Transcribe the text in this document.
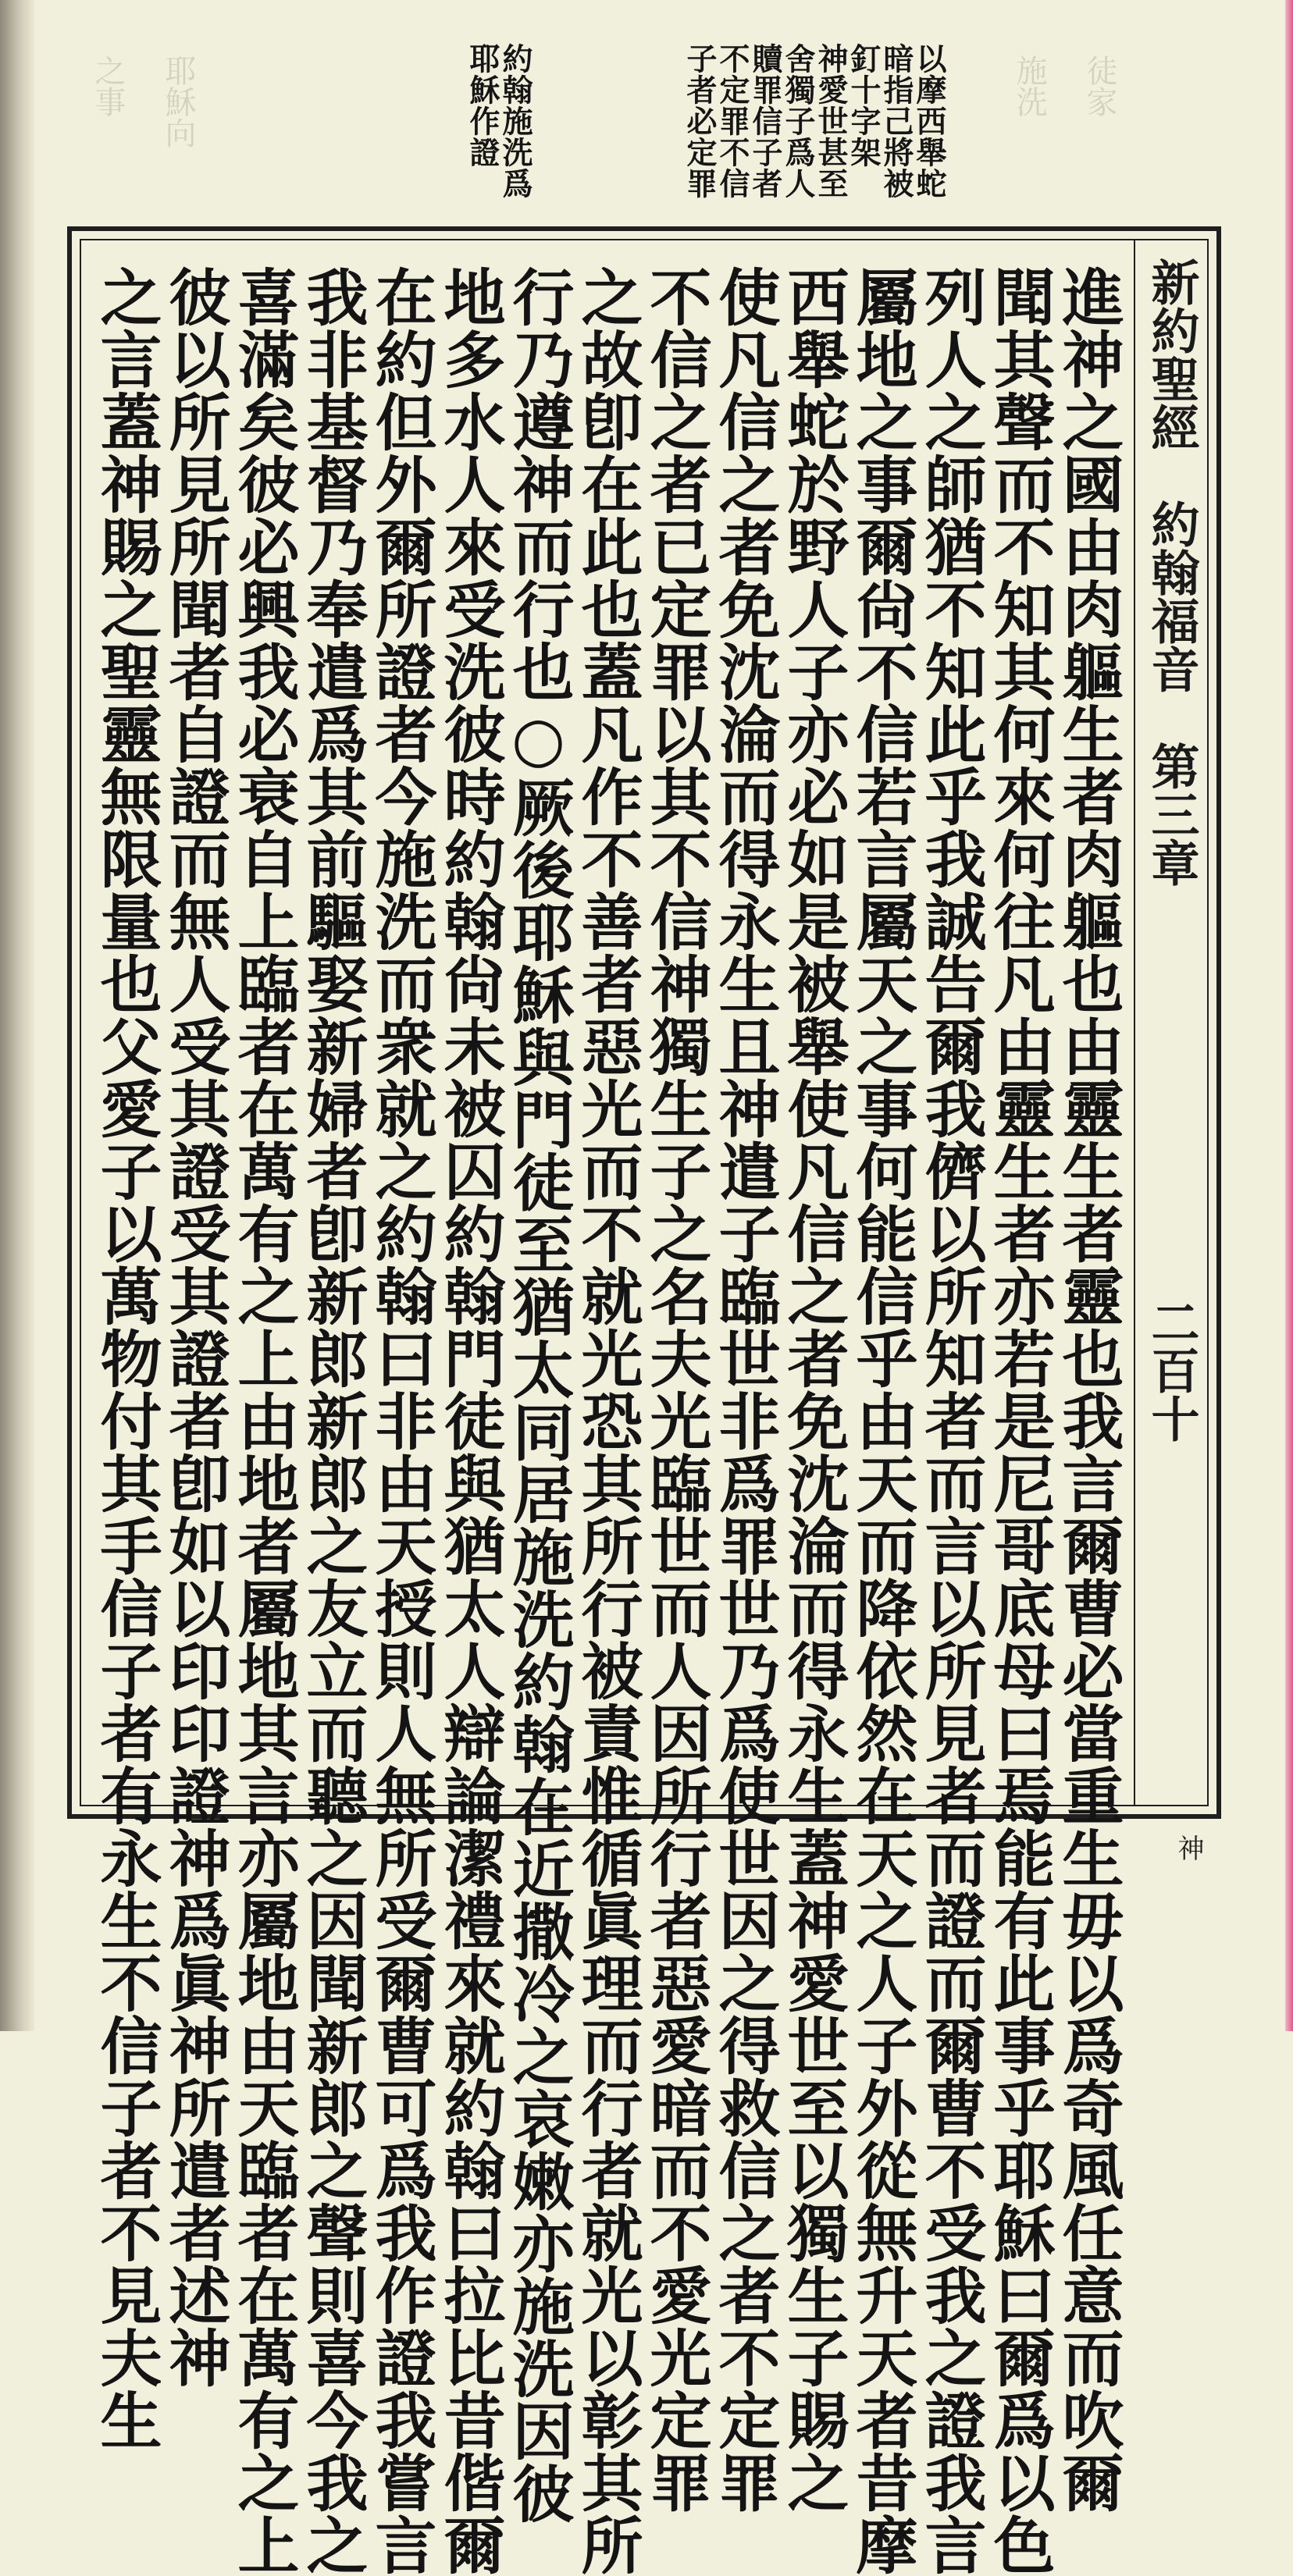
徒家
施洗
耶穌向
之事	以摩西舉蛇
暗指己將被
釘十字架
神愛世甚至
舍獨子爲人
贖罪信子者
不定罪不信
子者必定罪
約翰施洗爲
耶穌作證
新約聖經　約翰福音　第三章  二百十
進神之國由肉軀生者肉軀也由靈生者靈也我言爾曹必當重生毋以爲奇風任意而吹爾
聞其聲而不知其何來何往凡由靈生者亦若是尼哥底母曰焉能有此事乎耶穌曰爾爲以色
列人之師猶不知此乎我誠告爾我儕以所知者而言以所見者而證而爾曹不受我之證我言
屬地之事爾尙不信若言屬天之事何能信乎由天而降依然在天之人子外從無升天者昔摩
西舉蛇於野人子亦必如是被舉使凡信之者免沈淪而得永生蓋神愛世至以獨生子賜之
使凡信之者免沈淪而得永生且神遣子臨世非爲罪世乃爲使世因之得救信之者不定罪
不信之者已定罪以其不信神獨生子之名夫光臨世而人因所行者惡愛暗而不愛光定罪
之故卽在此也蓋凡作不善者惡光而不就光恐其所行被責惟循眞理而行者就光以彰其所
行乃遵神而行也○厥後耶穌與門徒至猶太同居施洗約翰在近撒冷之哀嫩亦施洗因彼
地多水人來受洗彼時約翰尙未被囚約翰門徒與猶太人辯論潔禮來就約翰曰拉比昔偕爾
在約但外爾所證者今施洗而衆就之約翰曰非由天授則人無所受爾曹可爲我作證我嘗言
我非基督乃奉遣爲其前驅娶新婦者卽新郎新郎之友立而聽之因聞新郎之聲則喜今我之
喜滿矣彼必興我必衰自上臨者在萬有之上由地者屬地其言亦屬地由天臨者在萬有之上
彼以所見所聞者自證而無人受其證受其證者卽如以印印證神爲眞神所遣者述神
之言蓋神賜之聖靈無限量也父愛子以萬物付其手信子者有永生不信子者不見夫生	神
